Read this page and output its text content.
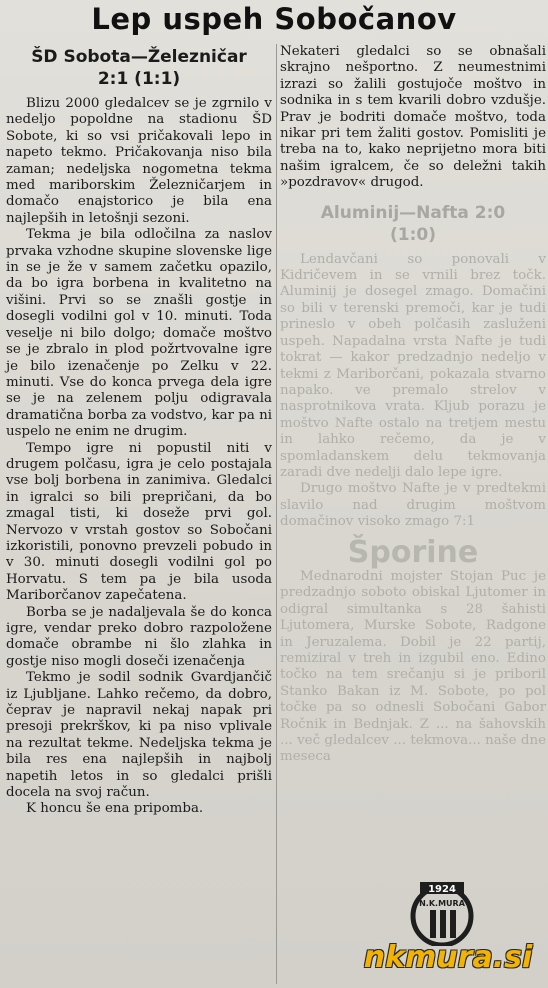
Lep uspeh Sobočanov
ŠD Sobota—Železničar
2:1 (1:1)

Blizu 2000 gledalcev se je zgrnilo v nedeljo popoldne na stadionu ŠD Sobote, ki so vsi pričakovali lepo in napeto tekmo. Pričakovanja niso bila zaman; nedeljska nogometna tekma med mariborskim Železničarjem in domačo enajstorico je bila ena najlepših in letošnji sezoni.

Tekma je bila odločilna za naslov prvaka vzhodne skupine slovenske lige in se je že v samem začetku opazilo, da bo igra borbena in kvalitetno na višini. Prvi so se znašli gostje in dosegli vodilni gol v 10. minuti. Toda veselje ni bilo dolgo; domače moštvo se je zbralo in plod požrtvovalne igre je bilo izenačenje po Zelku v 22. minuti. Vse do konca prvega dela igre se je na zelenem polju odigravala dramatična borba za vodstvo, kar pa ni uspelo ne enim ne drugim.

Tempo igre ni popustil niti v drugem polčasu, igra je celo postajala vse bolj borbena in zanimiva. Gledalci in igralci so bili prepričani, da bo zmagal tisti, ki doseže prvi gol. Nervozo v vrstah gostov so Sobočani izkoristili, ponovno prevzeli pobudo in v 30. minuti dosegli vodilni gol po Horvatu. S tem pa je bila usoda Mariborčanov zapečatena.

Borba se je nadaljevala še do konca igre, vendar preko dobro razpoložene domače obrambe ni šlo zlahka in gostje niso mogli doseči izenačenja

Tekmo je sodil sodnik Gvardjančič iz Ljubljane. Lahko rečemo, da dobro, čeprav je napravil nekaj napak pri presoji prekrškov, ki pa niso vplivale na rezultat tekme. Nedeljska tekma je bila res ena najlepših in najbolj napetih letos in so gledalci prišli docela na svoj račun.

K honcu še ena pripomba.

Nekateri gledalci so se obnašali skrajno nešportno. Z neumestnimi izrazi so žalili gostujoče moštvo in sodnika in s tem kvarili dobro vzdušje. Prav je bodriti domače moštvo, toda nikar pri tem žaliti gostov. Pomisliti je treba na to, kako neprijetno mora biti našim igralcem, če so deležni takih »pozdravov« drugod.

Aluminij—Nafta 2:0
(1:0)

Lendavčani so ponovali v Kidričevem in se vrnili brez točk. Aluminij je dosegel zmago. Domačini so bili v terenski premoči, kar je tudi prineslo v obeh polčasih zasluženi uspeh. Napadalna vrsta Nafte je tudi tokrat — kakor predzadnjo nedeljo v tekmi z Mariborčani, pokazala stvarno napako. ve premalo strelov v nasprotnikova vrata. Kljub porazu je moštvo Nafte ostalo na tretjem mestu in lahko rečemo, da je v spomladanskem delu tekmovanja zaradi dve nedelji dalo lepe igre.

Drugo moštvo Nafte je v predtekmi slavilo nad drugim moštvom domačinov visoko zmago 7:1

Šporine

Mednarodni mojster Stojan Puc je predzadnjo soboto obiskal Ljutomer in odigral simultanka s 28 šahisti Ljutomera, Murske Sobote, Radgone in Jeruzalema. Dobil je 22 partij, remiziral v treh in izgubil eno. Edino točko na tem srečanju si je priboril Stanko Bakan iz M. Sobote, po pol točke pa so odnesli Sobočani Gabor Ročnik in Bednjak. Z ... na šahovskih ... več gledalcev ... tekmova... naše dne meseca

1924
N.K.MURA
nkmura.si
